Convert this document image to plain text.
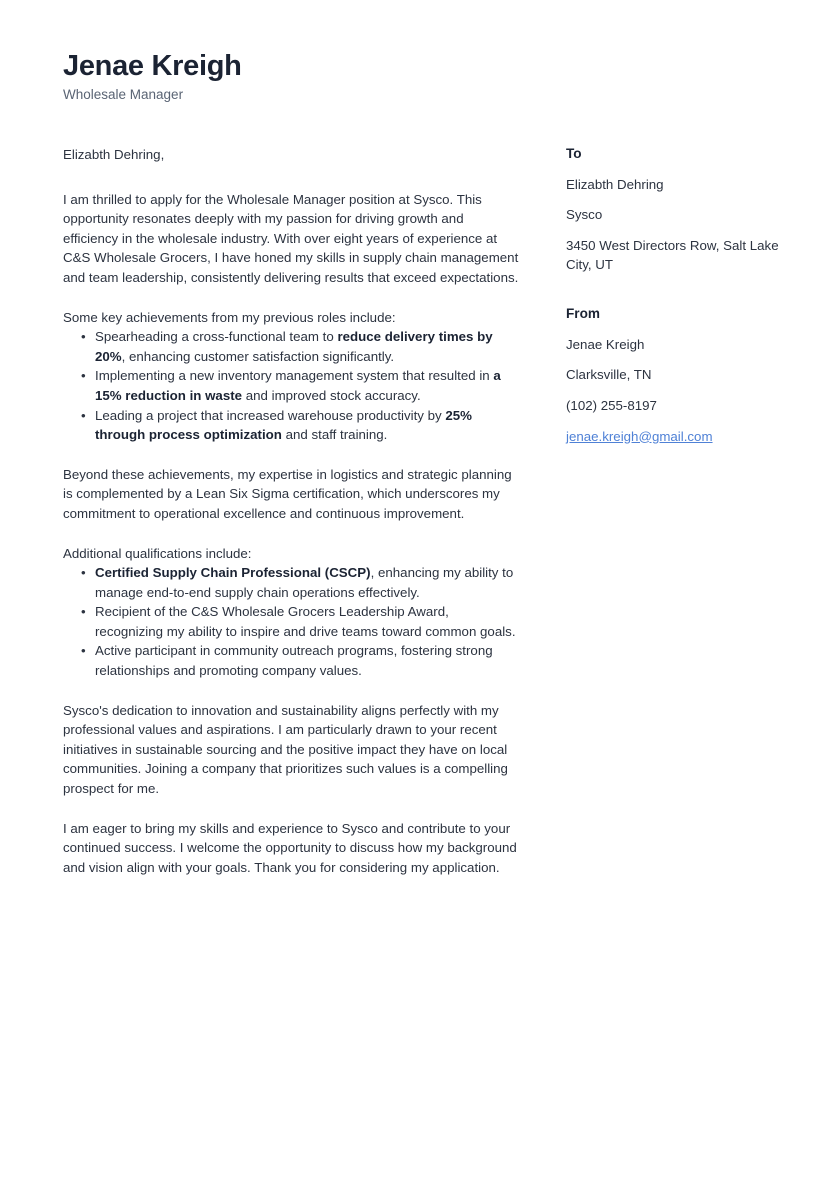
Jenae Kreigh
Wholesale Manager

Elizabth Dehring,

I am thrilled to apply for the Wholesale Manager position at Sysco. This opportunity resonates deeply with my passion for driving growth and efficiency in the wholesale industry. With over eight years of experience at C&S Wholesale Grocers, I have honed my skills in supply chain management and team leadership, consistently delivering results that exceed expectations.

Some key achievements from my previous roles include:

• Spearheading a cross-functional team to reduce delivery times by 20%, enhancing customer satisfaction significantly.
• Implementing a new inventory management system that resulted in a 15% reduction in waste and improved stock accuracy.
• Leading a project that increased warehouse productivity by 25% through process optimization and staff training.

Beyond these achievements, my expertise in logistics and strategic planning is complemented by a Lean Six Sigma certification, which underscores my commitment to operational excellence and continuous improvement.

Additional qualifications include:

• Certified Supply Chain Professional (CSCP), enhancing my ability to manage end-to-end supply chain operations effectively.
• Recipient of the C&S Wholesale Grocers Leadership Award, recognizing my ability to inspire and drive teams toward common goals.
• Active participant in community outreach programs, fostering strong relationships and promoting company values.

Sysco's dedication to innovation and sustainability aligns perfectly with my professional values and aspirations. I am particularly drawn to your recent initiatives in sustainable sourcing and the positive impact they have on local communities. Joining a company that prioritizes such values is a compelling prospect for me.

I am eager to bring my skills and experience to Sysco and contribute to your continued success. I welcome the opportunity to discuss how my background and vision align with your goals. Thank you for considering my application.

To
Elizabth Dehring
Sysco
3450 West Directors Row, Salt Lake City, UT
From
Jenae Kreigh
Clarksville, TN
(102) 255-8197
jenae.kreigh@gmail.com
